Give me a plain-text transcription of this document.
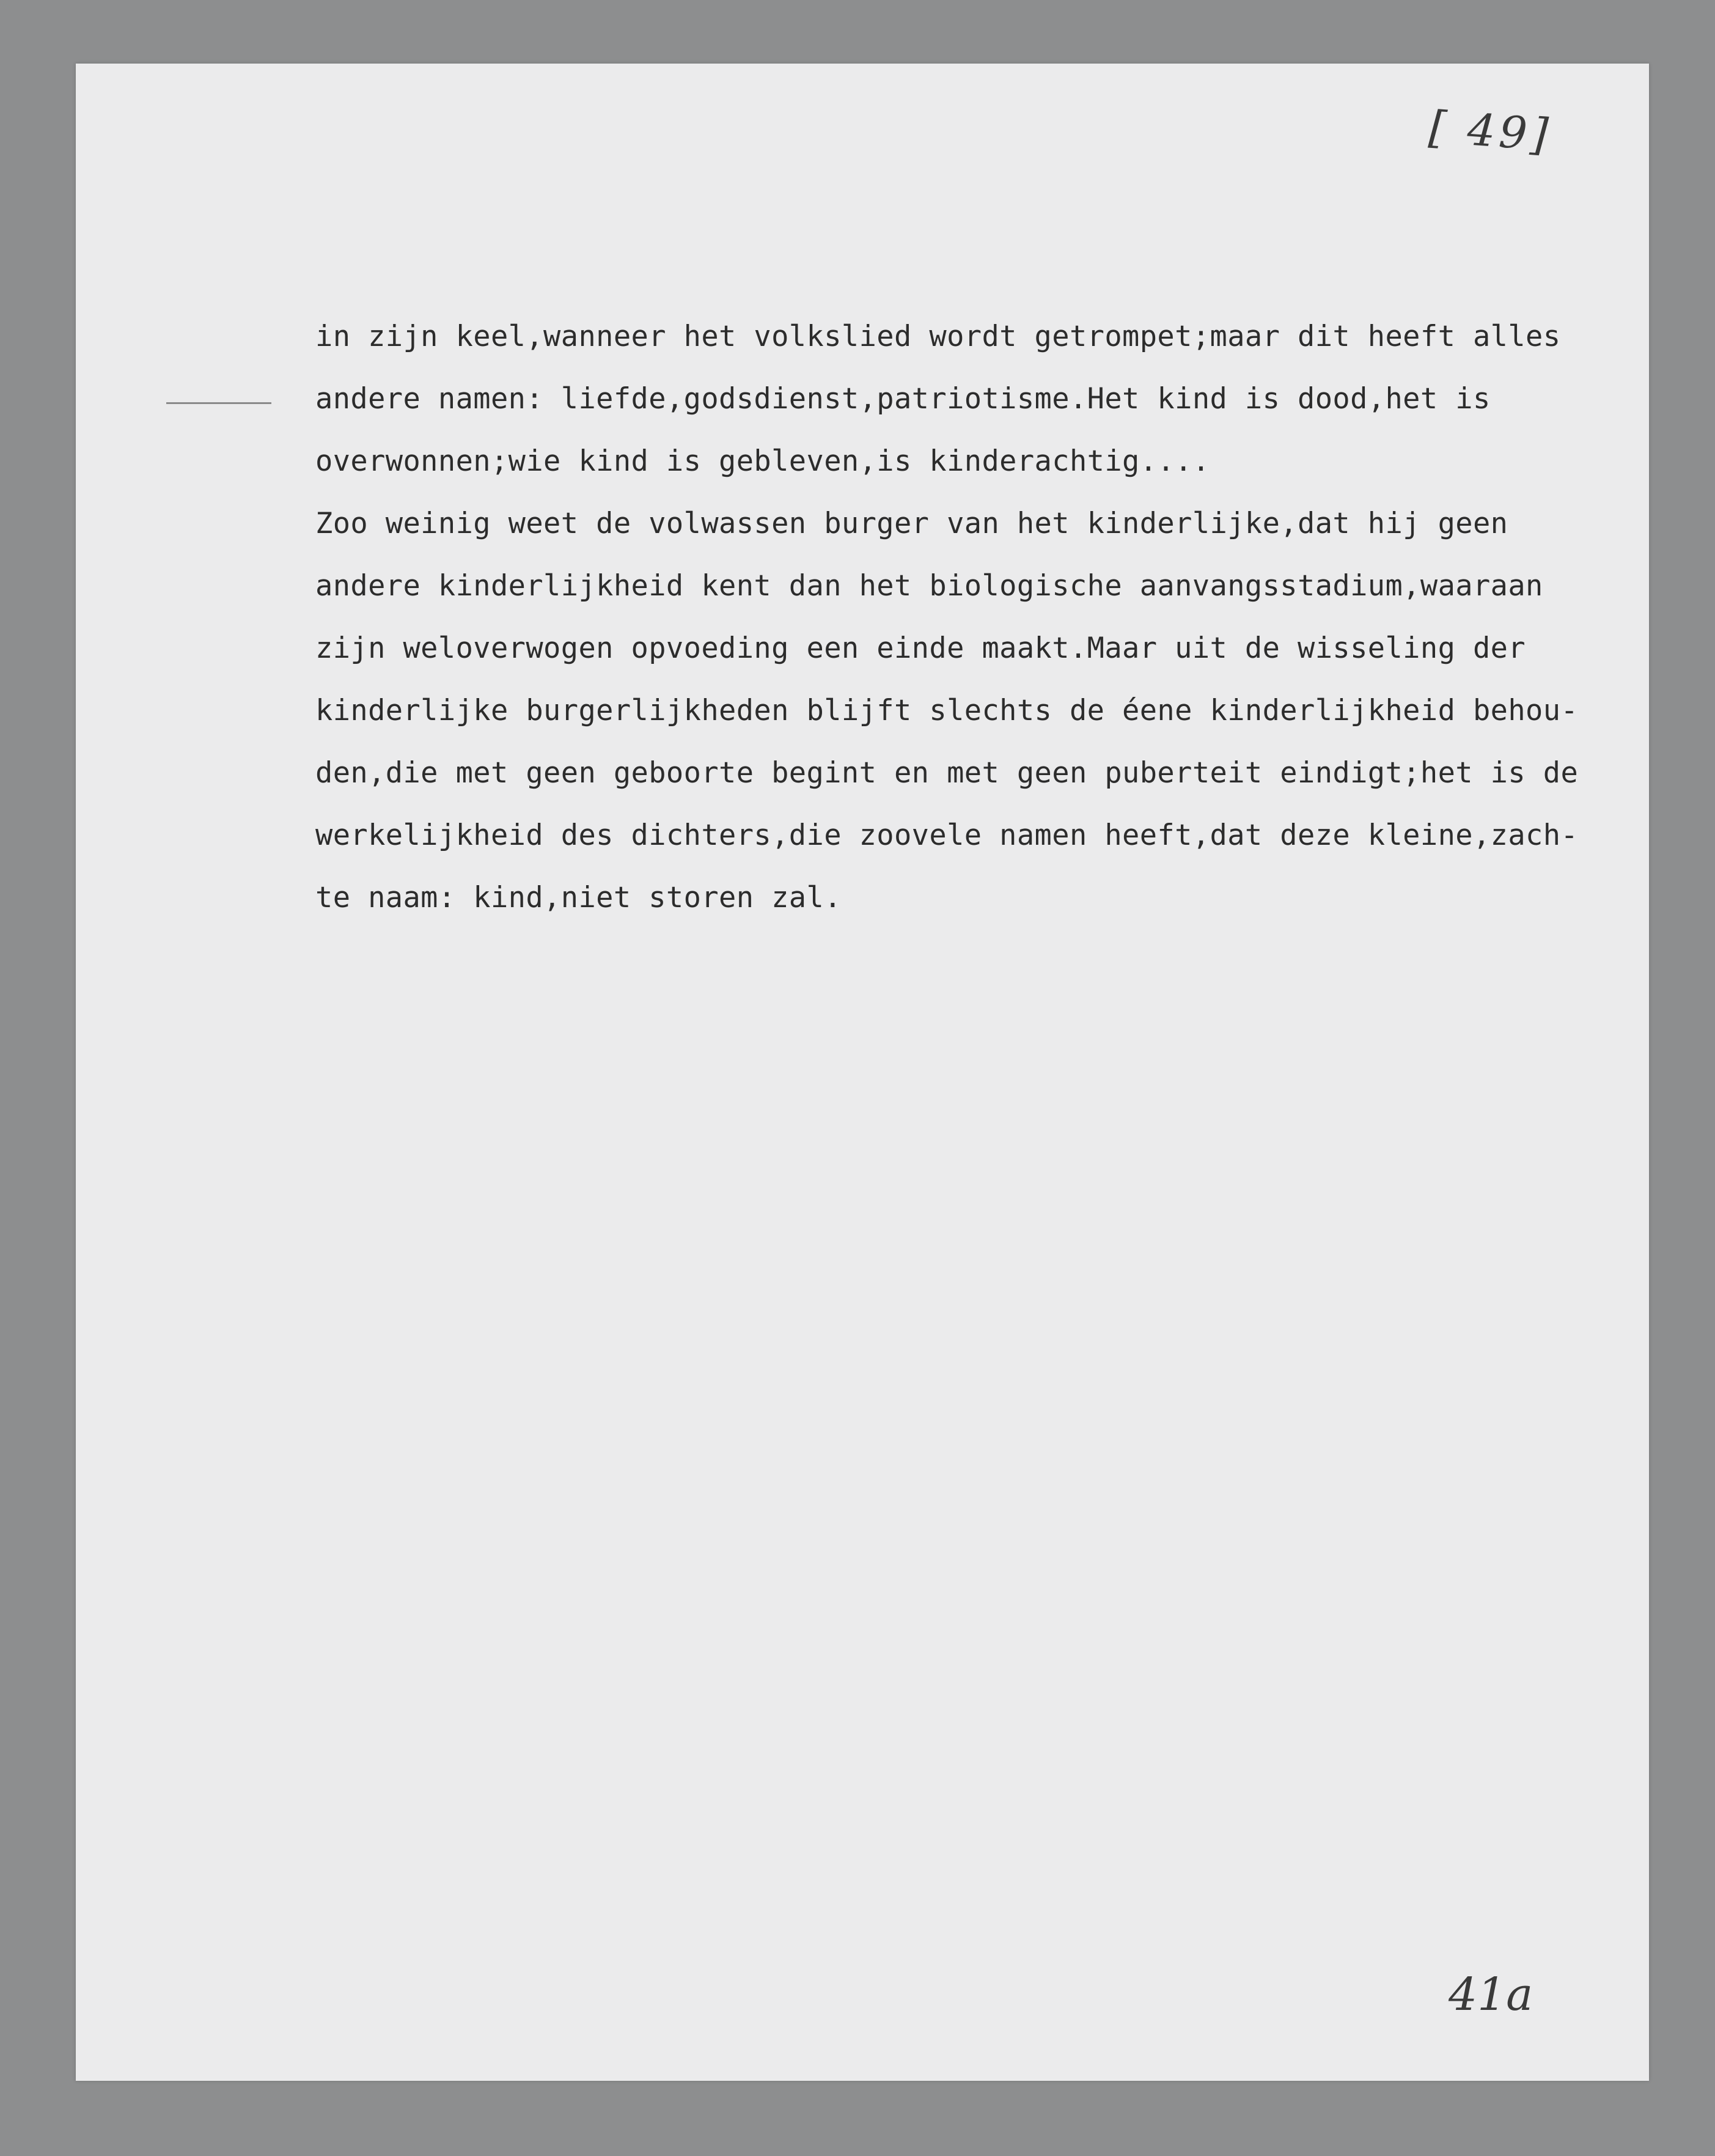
[ 49]
in zijn keel,wanneer het volkslied wordt getrompet;maar dit heeft alles
andere namen: liefde,godsdienst,patriotisme.Het kind is dood,het is
overwonnen;wie kind is gebleven,is kinderachtig....
Zoo weinig weet de volwassen burger van het kinderlijke,dat hij geen
andere kinderlijkheid kent dan het biologische aanvangsstadium,waaraan
zijn weloverwogen opvoeding een einde maakt.Maar uit de wisseling der
kinderlijke burgerlijkheden blijft slechts de éene kinderlijkheid behou-
den,die met geen geboorte begint en met geen puberteit eindigt;het is de
werkelijkheid des dichters,die zoovele namen heeft,dat deze kleine,zach-
te naam: kind,niet storen zal.
41a
